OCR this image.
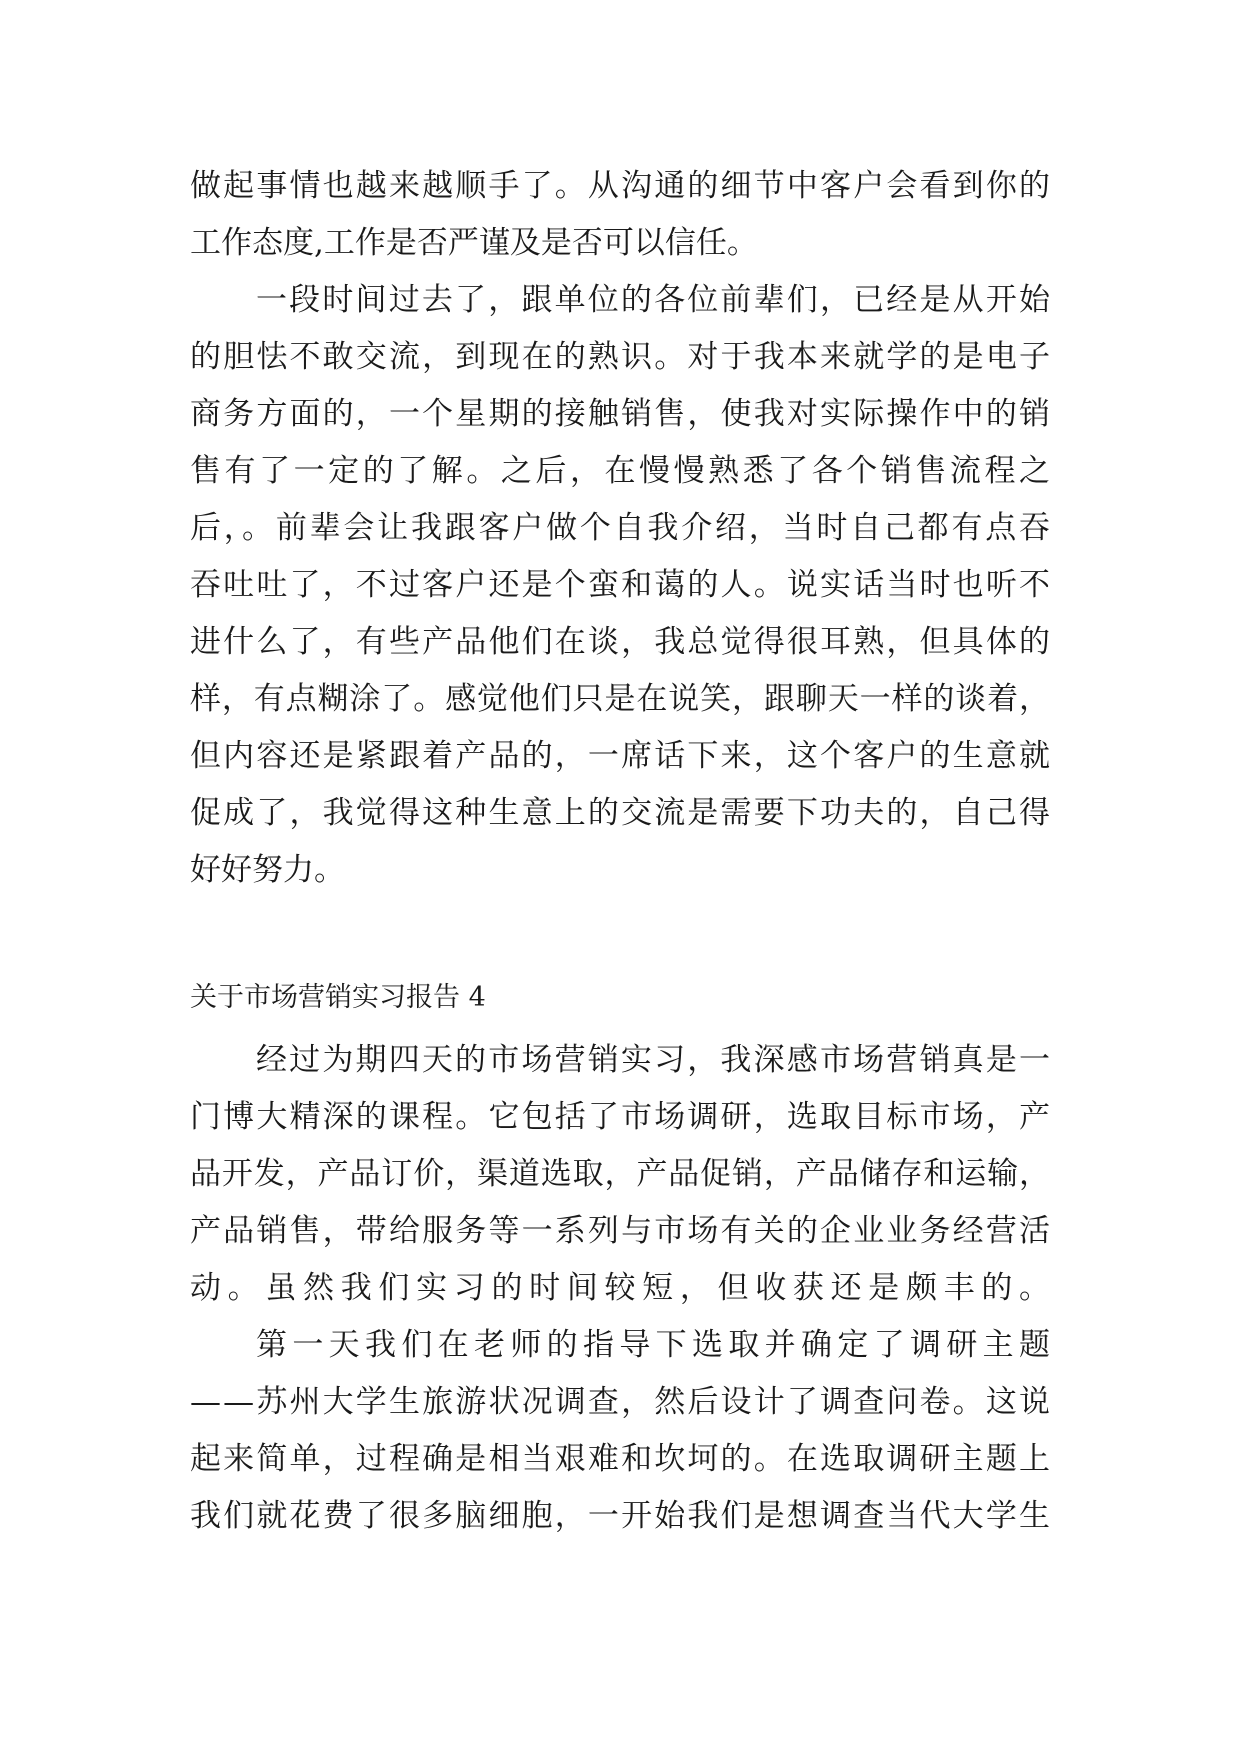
做起事情也越来越顺手了。从沟通的细节中客户会看到你的
工作态度,工作是否严谨及是否可以信任。
一段时间过去了，跟单位的各位前辈们，已经是从开始
的胆怯不敢交流，到现在的熟识。对于我本来就学的是电子
商务方面的，一个星期的接触销售，使我对实际操作中的销
售有了一定的了解。之后，在慢慢熟悉了各个销售流程之
后，。前辈会让我跟客户做个自我介绍，当时自己都有点吞
吞吐吐了，不过客户还是个蛮和蔼的人。说实话当时也听不
进什么了，有些产品他们在谈，我总觉得很耳熟，但具体的
样，有点糊涂了。感觉他们只是在说笑，跟聊天一样的谈着，
但内容还是紧跟着产品的，一席话下来，这个客户的生意就
促成了，我觉得这种生意上的交流是需要下功夫的，自己得
好好努力。
关于市场营销实习报告 4
经过为期四天的市场营销实习，我深感市场营销真是一
门博大精深的课程。它包括了市场调研，选取目标市场，产
品开发，产品订价，渠道选取，产品促销，产品储存和运输，
产品销售，带给服务等一系列与市场有关的企业业务经营活
动。虽然我们实习的时间较短，但收获还是颇丰的。
第一天我们在老师的指导下选取并确定了调研主题
——苏州大学生旅游状况调查，然后设计了调查问卷。这说
起来简单，过程确是相当艰难和坎坷的。在选取调研主题上
我们就花费了很多脑细胞，一开始我们是想调查当代大学生
